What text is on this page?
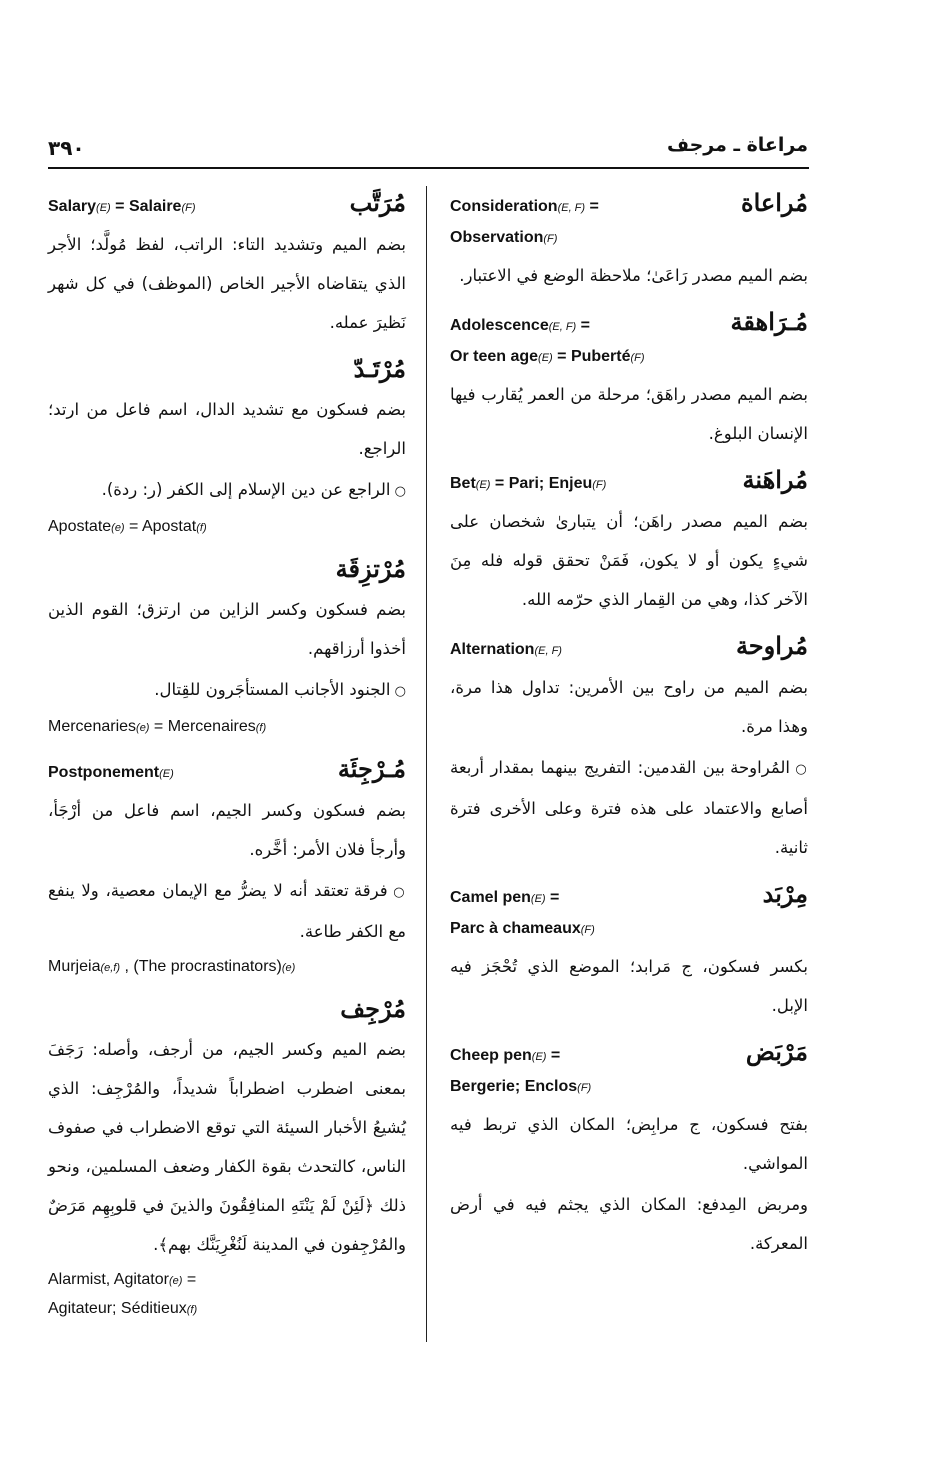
٣٩٠	مراعاة ـ مرجف
مُراعاة
Consideration(E, F) =
Observation(F)

بضم الميم مصدر رَاعَىٰ؛ ملاحظة الوضع في الاعتبار.

مُـرَاهقة
Adolescence(E, F) =
Or teen age(E) = Puberté(F)

بضم الميم مصدر راهَق؛ مرحلة من العمر يُقارب فيها الإنسان البلوغ.

مُراهَنة
Bet(E) = Pari; Enjeu(F)

بضم الميم مصدر راهَن؛ أن يتبارىٰ شخصان على شيءٍ يكون أو لا يكون، فَمَنْ تحقق قوله فله مِنَ الآخر كذا، وهي من القِمار الذي حرّمه الله.

مُراوحة
Alternation(E, F)

بضم الميم من راوح بين الأمرين: تداول هذا مرة، وهذا مرة.

○ المُراوحة بين القدمين: التفريج بينهما بمقدار أربعة أصابع والاعتماد على هذه فترة وعلى الأخرى فترة ثانية.

مِرْبَد
Camel pen(E) =
Parc à chameaux(F)

بكسر فسكون، ج مَرابد؛ الموضع الذي تُحْجَز فيه الإبل.

مَرْبَض
Cheep pen(E) =
Bergerie; Enclos(F)

بفتح فسكون، ج مرابِض؛ المكان الذي تربط فيه المواشي.

ومربض المِدفع: المكان الذي يجثم فيه في أرض المعركة.

مُرَتَّب
Salary(E) = Salaire(F)

بضم الميم وتشديد التاء: الراتب، لفظ مُولَّد؛ الأجر الذي يتقاضاه الأجير الخاص (الموظف) في كل شهر نَظيرَ عمله.

مُرْتَـدّ

بضم فسكون مع تشديد الدال، اسم فاعل من ارتد؛ الراجع.

○ الراجع عن دين الإسلام إلى الكفر (ر: ردة).

Apostate(e) = Apostat(f)
مُرْتزِقَة

بضم فسكون وكسر الزاين من ارتزق؛ القوم الذين أخذوا أرزاقهم.

○ الجنود الأجانب المستأجَرون للقِتال.

Mercenaries(e) = Mercenaires(f)
مُـرْجِئَة
Postponement(E)

بضم فسكون وكسر الجيم، اسم فاعل من أرْجَأ، وأرجأ فلان الأمر: أخَّره.

○ فرقة تعتقد أنه لا يضرُّ مع الإيمان معصية، ولا ينفع مع الكفر طاعة.

Murjeia(e,f) , (The procrastinators)(e)
مُرْجِف

بضم الميم وكسر الجيم، من أرجف، وأصله: رَجَفَ بمعنى اضطرب اضطراباً شديداً، والمُرْجِف: الذي يُشيعُ الأخبار السيئة التي توقع الاضطراب في صفوف الناس، كالتحدث بقوة الكفار وضعف المسلمين، ونحو ذلك ﴿لَئِنْ لَمْ يَنْتَهِ المنافِقُونَ والذينَ في قلوبِهِم مَرَضٌ والمُرْجِفون في المدينة لَنُغْرِيَنَّك بهم﴾.

Alarmist, Agitator(e) =
Agitateur; Séditieux(f)
